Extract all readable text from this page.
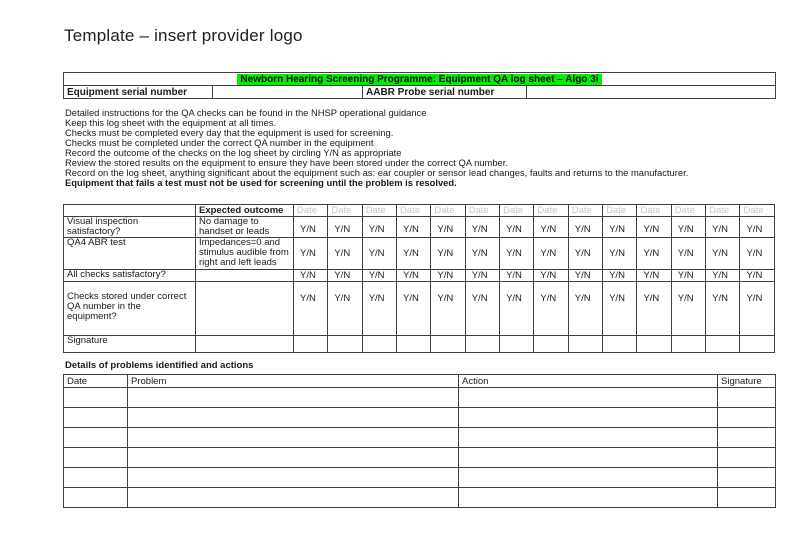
Template – insert provider logo
Newborn Hearing Screening Programme: Equipment QA log sheet – Algo 3i
Equipment serial number		AABR Probe serial number	
Detailed instructions for the QA checks can be found in the NHSP operational guidance
Keep this log sheet with the equipment at all times.
Checks must be completed every day that the equipment is used for screening.
Checks must be completed under the correct QA number in the equipment
Record the outcome of the checks on the log sheet by circling Y/N as appropriate
Review the stored results on the equipment to ensure they have been stored under the correct QA number.
Record on the log sheet, anything significant about the equipment such as: ear coupler or sensor lead changes, faults and returns to the manufacturer.
Equipment that fails a test must not be used for screening until the problem is resolved.
	Expected outcome	Date	Date	Date	Date	Date	Date	Date	Date	Date	Date	Date	Date	Date	Date
Visual inspection satisfactory?	No damage to handset or leads	Y/N	Y/N	Y/N	Y/N	Y/N	Y/N	Y/N	Y/N	Y/N	Y/N	Y/N	Y/N	Y/N	Y/N
QA4 ABR test	Impedances=0 and stimulus audible from right and left leads	Y/N	Y/N	Y/N	Y/N	Y/N	Y/N	Y/N	Y/N	Y/N	Y/N	Y/N	Y/N	Y/N	Y/N
All checks satisfactory?		Y/N	Y/N	Y/N	Y/N	Y/N	Y/N	Y/N	Y/N	Y/N	Y/N	Y/N	Y/N	Y/N	Y/N
Checks stored under correct QA number in the equipment?		Y/N	Y/N	Y/N	Y/N	Y/N	Y/N	Y/N	Y/N	Y/N	Y/N	Y/N	Y/N	Y/N	Y/N
Signature															
Details of problems identified and actions
Date	Problem	Action	Signature
